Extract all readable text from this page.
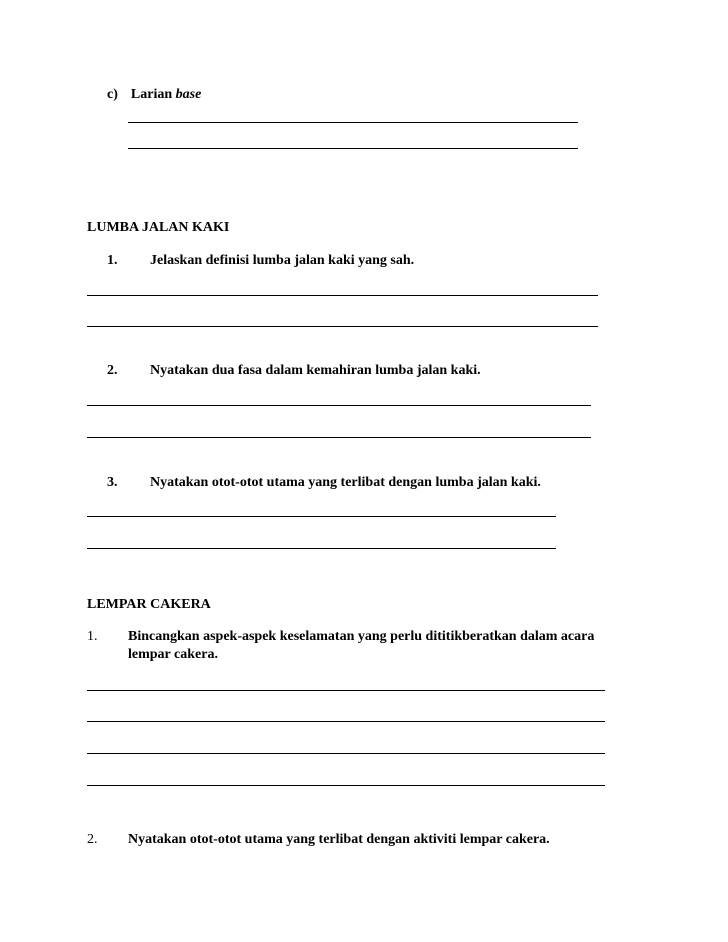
c) Larian base
LUMBA JALAN KAKI
1. Jelaskan definisi lumba jalan kaki yang sah.
2. Nyatakan dua fasa dalam kemahiran lumba jalan kaki.
3. Nyatakan otot-otot utama yang terlibat dengan lumba jalan kaki.
LEMPAR CAKERA
1. Bincangkan aspek-aspek keselamatan yang perlu dititikberatkan dalam acara
lempar cakera.
2. Nyatakan otot-otot utama yang terlibat dengan aktiviti lempar cakera.
